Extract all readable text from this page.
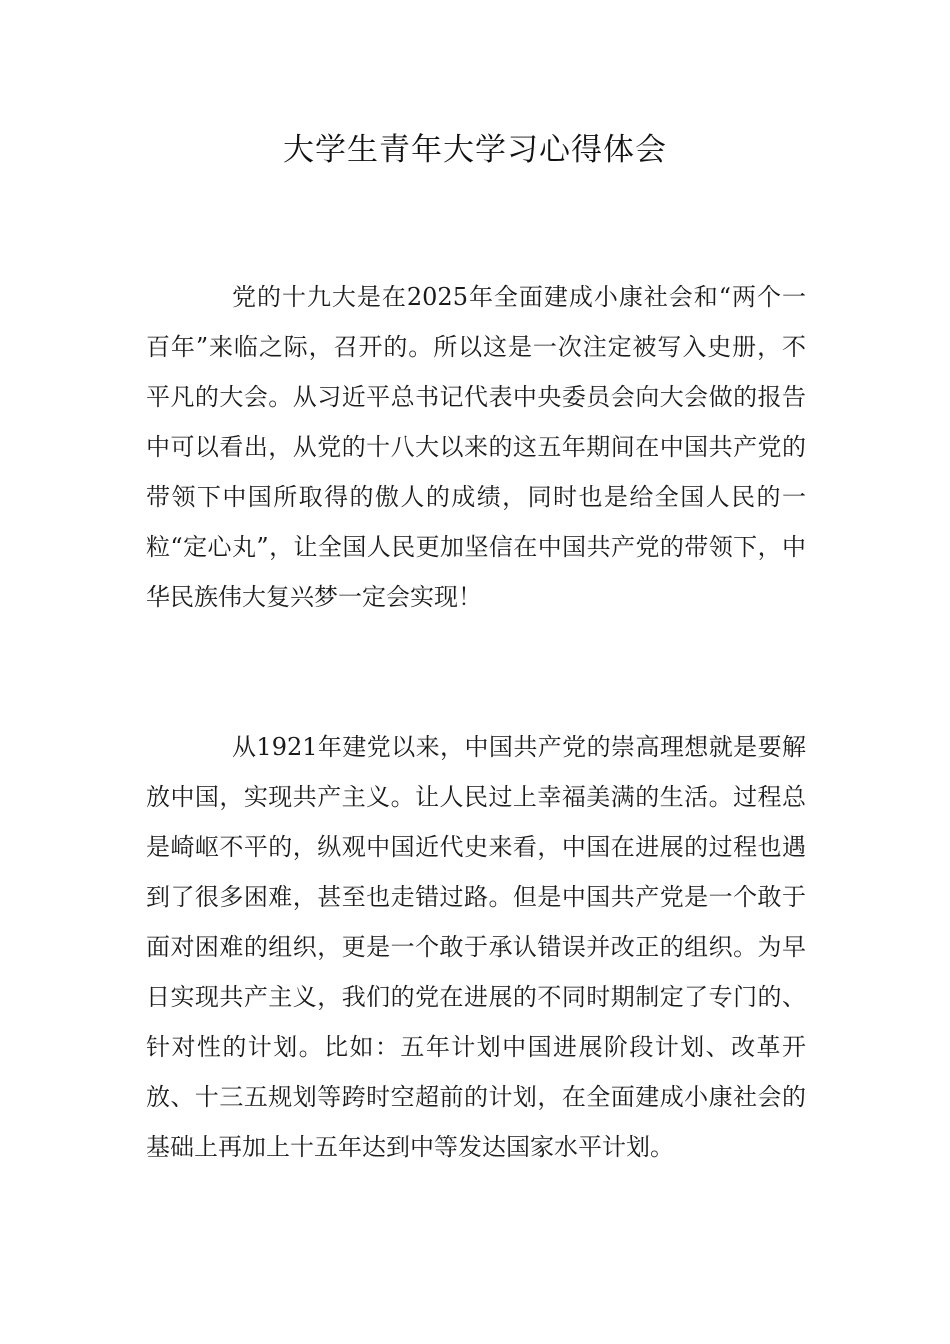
大学生青年大学习心得体会

党的十九大是在2025年全面建成小康社会和“两个一百年”来临之际，召开的。所以这是一次注定被写入史册，不平凡的大会。从习近平总书记代表中央委员会向大会做的报告中可以看出，从党的十八大以来的这五年期间在中国共产党的带领下中国所取得的傲人的成绩，同时也是给全国人民的一粒“定心丸”，让全国人民更加坚信在中国共产党的带领下，中华民族伟大复兴梦一定会实现！

从1921年建党以来，中国共产党的崇高理想就是要解放中国，实现共产主义。让人民过上幸福美满的生活。过程总是崎岖不平的，纵观中国近代史来看，中国在进展的过程也遇到了很多困难，甚至也走错过路。但是中国共产党是一个敢于面对困难的组织，更是一个敢于承认错误并改正的组织。为早日实现共产主义，我们的党在进展的不同时期制定了专门的、针对性的计划。比如：五年计划中国进展阶段计划、改革开放、十三五规划等跨时空超前的计划，在全面建成小康社会的基础上再加上十五年达到中等发达国家水平计划。
